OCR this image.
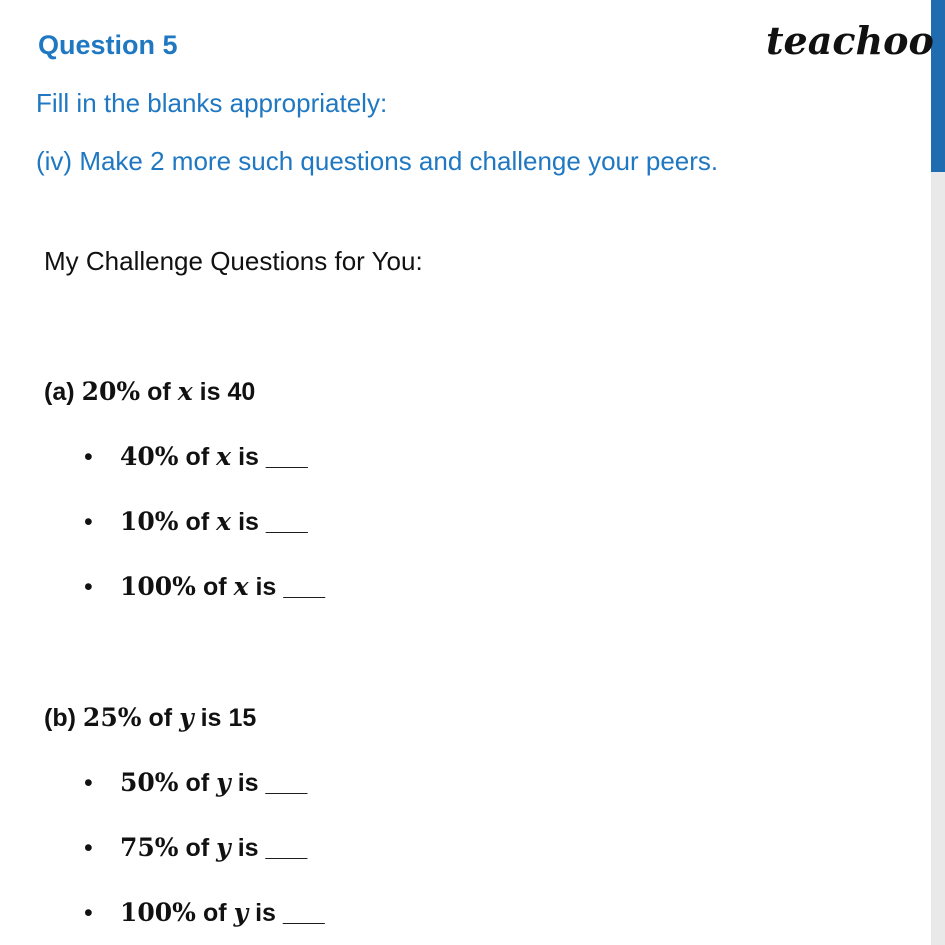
Question 5	teachoo
Fill in the blanks appropriately:
(iv) Make 2 more such questions and challenge your peers.
My Challenge Questions for You:
(a) 20% of x is 40
•	40% of x is ___
•	10% of x is ___
•	100% of x is ___
(b) 25% of y is 15
•	50% of y is ___
•	75% of y is ___
•	100% of y is ___
